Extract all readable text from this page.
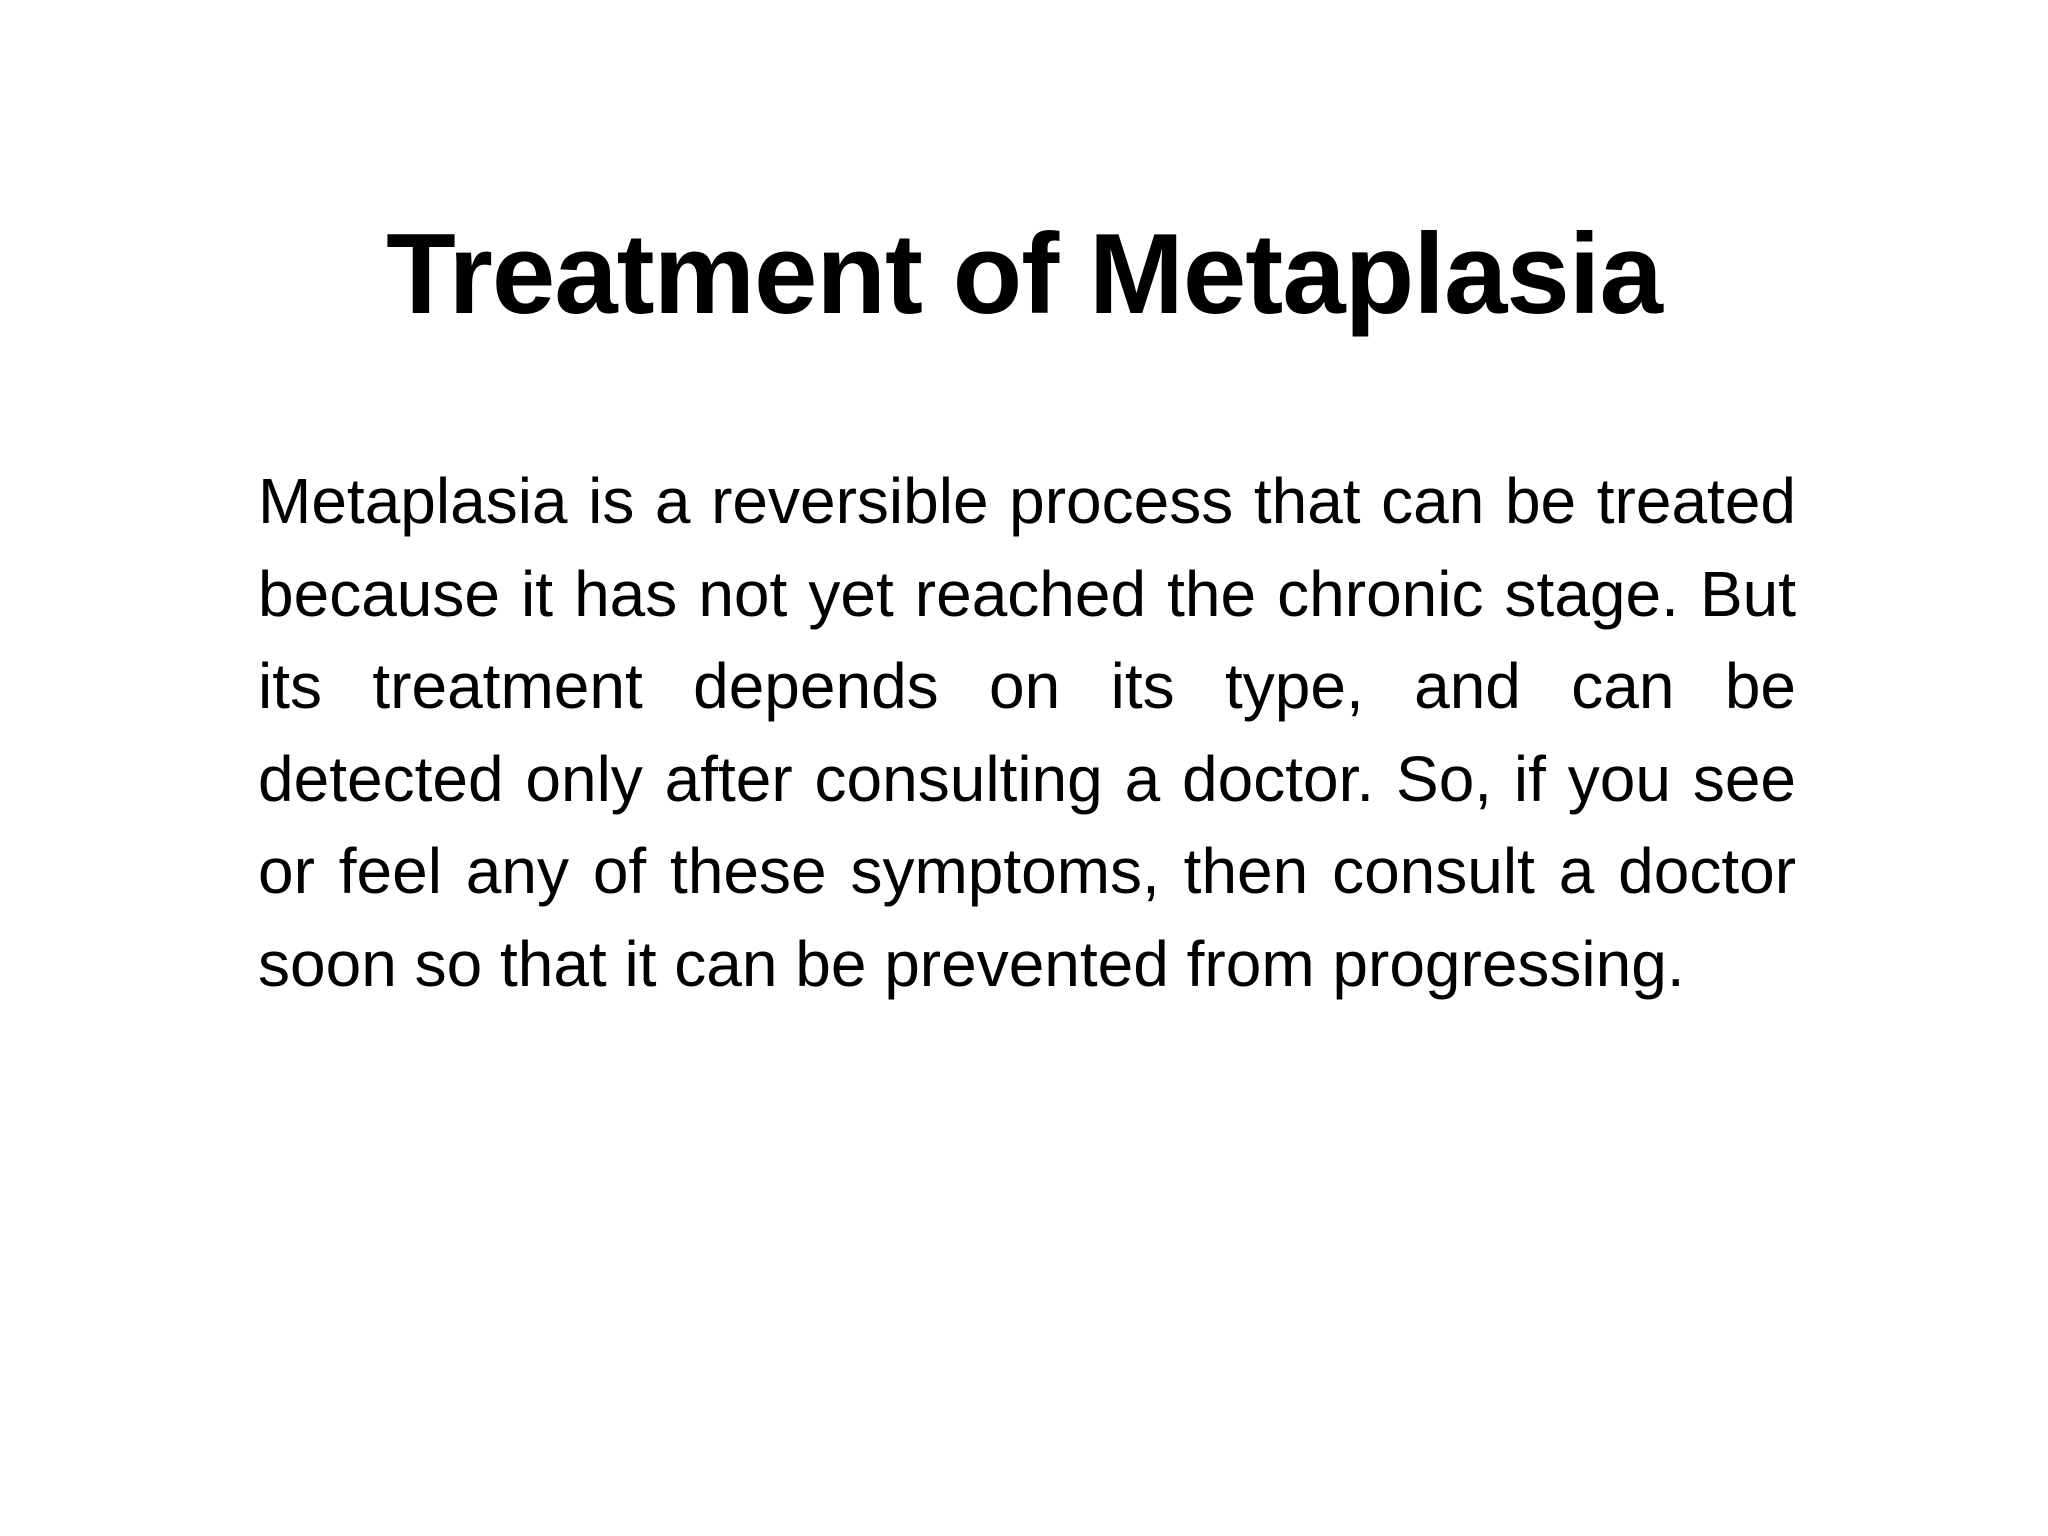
Treatment of Metaplasia

Metaplasia is a reversible process that can be treated because it has not yet reached the chronic stage. But its treatment depends on its type, and can be detected only after consulting a doctor. So, if you see or feel any of these symptoms, then consult a doctor soon so that it can be prevented from progressing.
